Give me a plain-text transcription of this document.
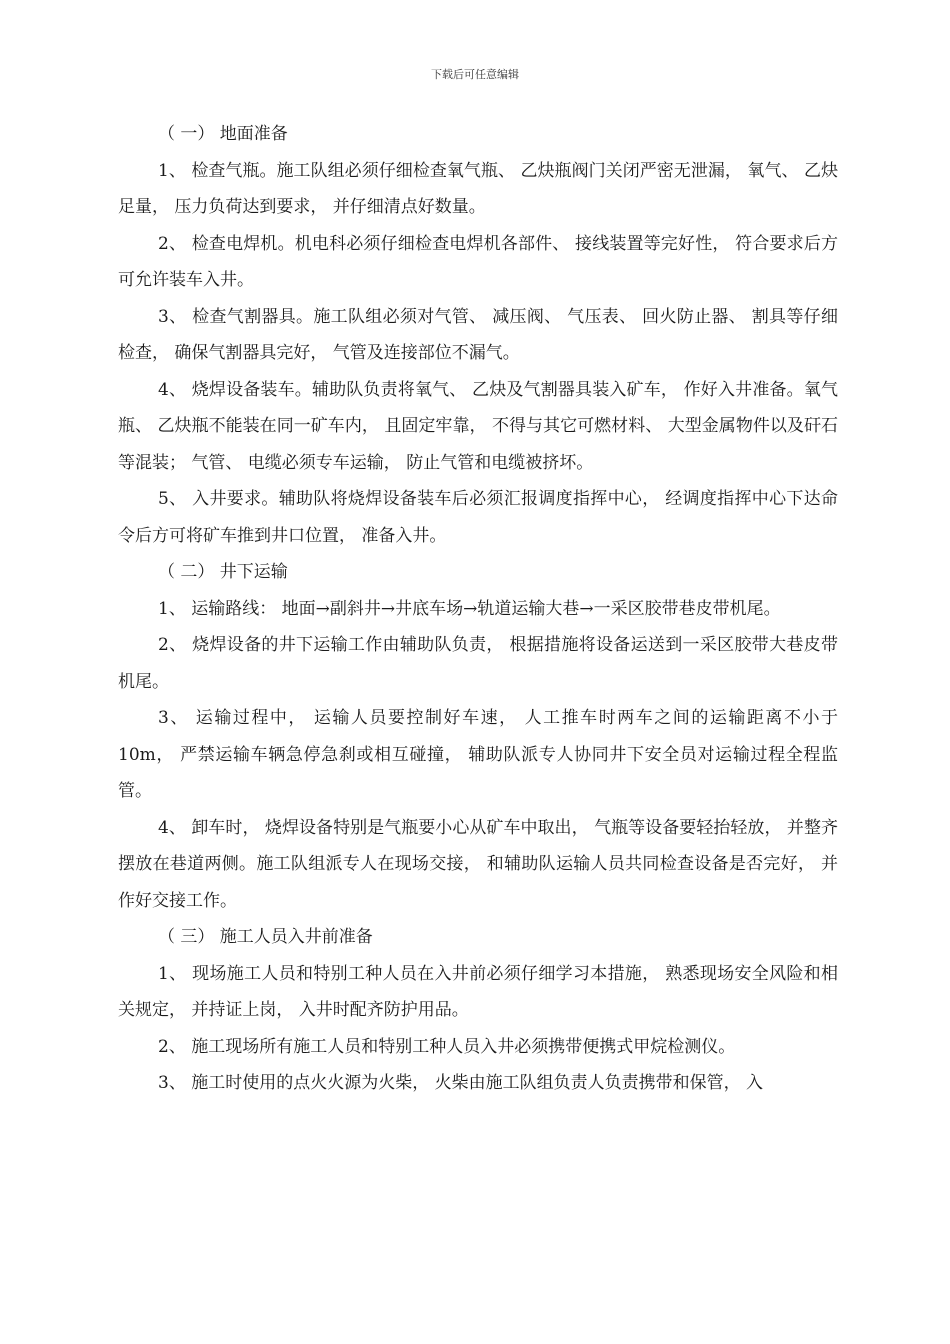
下载后可任意编辑

（ 一） 地面准备

1、 检查气瓶。施工队组必须仔细检查氧气瓶、 乙炔瓶阀门关闭严密无泄漏， 氧气、 乙炔足量， 压力负荷达到要求， 并仔细清点好数量。

2、 检查电焊机。机电科必须仔细检查电焊机各部件、 接线装置等完好性， 符合要求后方可允许装车入井。

3、 检查气割器具。施工队组必须对气管、 减压阀、 气压表、 回火防止器、 割具等仔细检查， 确保气割器具完好， 气管及连接部位不漏气。

4、 烧焊设备装车。辅助队负责将氧气、 乙炔及气割器具装入矿车， 作好入井准备。氧气瓶、 乙炔瓶不能装在同一矿车内， 且固定牢靠， 不得与其它可燃材料、 大型金属物件以及矸石等混装； 气管、 电缆必须专车运输， 防止气管和电缆被挤坏。

5、 入井要求。辅助队将烧焊设备装车后必须汇报调度指挥中心， 经调度指挥中心下达命令后方可将矿车推到井口位置， 准备入井。

（ 二） 井下运输

1、 运输路线： 地面→副斜井→井底车场→轨道运输大巷→一采区胶带巷皮带机尾。

2、 烧焊设备的井下运输工作由辅助队负责， 根据措施将设备运送到一采区胶带大巷皮带机尾。

3、 运输过程中， 运输人员要控制好车速， 人工推车时两车之间的运输距离不小于 10m， 严禁运输车辆急停急刹或相互碰撞， 辅助队派专人协同井下安全员对运输过程全程监管。

4、 卸车时， 烧焊设备特别是气瓶要小心从矿车中取出， 气瓶等设备要轻抬轻放， 并整齐摆放在巷道两侧。施工队组派专人在现场交接， 和辅助队运输人员共同检查设备是否完好， 并作好交接工作。

（ 三） 施工人员入井前准备

1、 现场施工人员和特别工种人员在入井前必须仔细学习本措施， 熟悉现场安全风险和相关规定， 并持证上岗， 入井时配齐防护用品。

2、 施工现场所有施工人员和特别工种人员入井必须携带便携式甲烷检测仪。

3、 施工时使用的点火火源为火柴， 火柴由施工队组负责人负责携带和保管， 入
